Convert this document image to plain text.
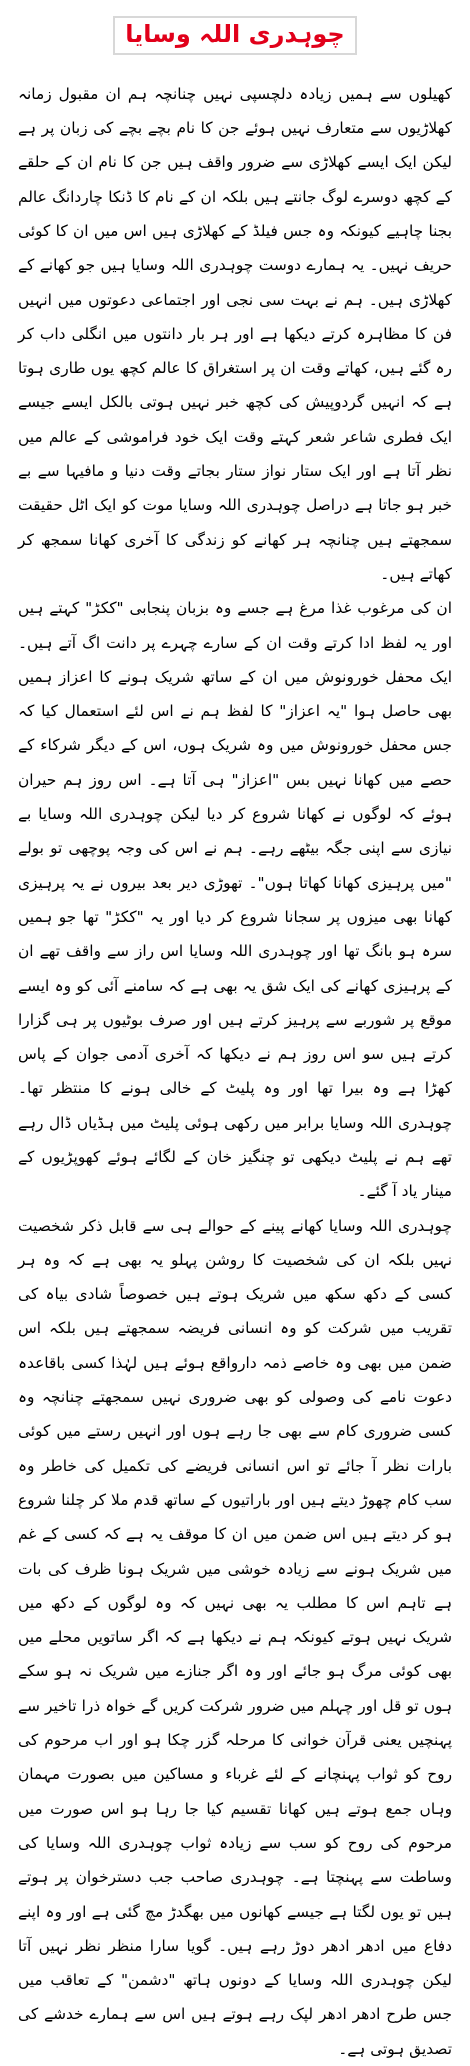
چوہدری اللہ وسایا

کھیلوں سے ہمیں زیادہ دلچسپی نہیں چنانچہ ہم ان مقبول زمانہ کھلاڑیوں سے متعارف نہیں ہوئے جن کا نام بچے بچے کی زبان پر ہے لیکن ایک ایسے کھلاڑی سے ضرور واقف ہیں جن کا نام ان کے حلقے کے کچھ دوسرے لوگ جانتے ہیں بلکہ ان کے نام کا ڈنکا چاردانگ عالم بجنا چاہیے کیونکہ وہ جس فیلڈ کے کھلاڑی ہیں اس میں ان کا کوئی حریف نہیں۔ یہ ہمارے دوست چوہدری اللہ وسایا ہیں جو کھانے کے کھلاڑی ہیں۔ ہم نے بہت سی نجی اور اجتماعی دعوتوں میں انہیں فن کا مظاہرہ کرتے دیکھا ہے اور ہر بار دانتوں میں انگلی داب کر رہ گئے ہیں، کھاتے وقت ان پر استغراق کا عالم کچھ یوں طاری ہوتا ہے کہ انہیں گردوپیش کی کچھ خبر نہیں ہوتی بالکل ایسے جیسے ایک فطری شاعر شعر کہتے وقت ایک خود فراموشی کے عالم میں نظر آتا ہے اور ایک ستار نواز ستار بجاتے وقت دنیا و مافیہا سے بے خبر ہو جاتا ہے دراصل چوہدری اللہ وسایا موت کو ایک اٹل حقیقت سمجھتے ہیں چنانچہ ہر کھانے کو زندگی کا آخری کھانا سمجھ کر کھاتے ہیں۔

ان کی مرغوب غذا مرغ ہے جسے وہ بزبان پنجابی "ککڑ" کہتے ہیں اور یہ لفظ ادا کرتے وقت ان کے سارے چہرے پر دانت اگ آتے ہیں۔ ایک محفل خورونوش میں ان کے ساتھ شریک ہونے کا اعزاز ہمیں بھی حاصل ہوا "یہ اعزاز" کا لفظ ہم نے اس لئے استعمال کیا کہ جس محفل خورونوش میں وہ شریک ہوں، اس کے دیگر شرکاء کے حصے میں کھانا نہیں بس "اعزاز" ہی آتا ہے۔ اس روز ہم حیران ہوئے کہ لوگوں نے کھانا شروع کر دیا لیکن چوہدری اللہ وسایا بے نیازی سے اپنی جگہ بیٹھے رہے۔ ہم نے اس کی وجہ پوچھی تو بولے "میں پرہیزی کھانا کھاتا ہوں"۔ تھوڑی دیر بعد بیروں نے یہ پرہیزی کھانا بھی میزوں پر سجانا شروع کر دیا اور یہ "ککڑ" تھا جو ہمیں سرہ ہو بانگ تھا اور چوہدری اللہ وسایا اس راز سے واقف تھے ان کے پرہیزی کھانے کی ایک شق یہ بھی ہے کہ سامنے آئی کو وہ ایسے موقع پر شوربے سے پرہیز کرتے ہیں اور صرف بوٹیوں پر ہی گزارا کرتے ہیں سو اس روز ہم نے دیکھا کہ آخری آدمی جوان کے پاس کھڑا ہے وہ بیرا تھا اور وہ پلیٹ کے خالی ہونے کا منتظر تھا۔ چوہدری اللہ وسایا برابر میں رکھی ہوئی پلیٹ میں ہڈیاں ڈال رہے تھے ہم نے پلیٹ دیکھی تو چنگیز خان کے لگائے ہوئے کھوپڑیوں کے مینار یاد آ گئے۔

چوہدری اللہ وسایا کھانے پینے کے حوالے ہی سے قابل ذکر شخصیت نہیں بلکہ ان کی شخصیت کا روشن پہلو یہ بھی ہے کہ وہ ہر کسی کے دکھ سکھ میں شریک ہوتے ہیں خصوصاً شادی بیاہ کی تقریب میں شرکت کو وہ انسانی فریضہ سمجھتے ہیں بلکہ اس ضمن میں بھی وہ خاصے ذمہ دارواقع ہوئے ہیں لہٰذا کسی باقاعدہ دعوت نامے کی وصولی کو بھی ضروری نہیں سمجھتے چنانچہ وہ کسی ضروری کام سے بھی جا رہے ہوں اور انہیں رستے میں کوئی بارات نظر آ جائے تو اس انسانی فریضے کی تکمیل کی خاطر وہ سب کام چھوڑ دیتے ہیں اور باراتیوں کے ساتھ قدم ملا کر چلنا شروع ہو کر دیتے ہیں اس ضمن میں ان کا موقف یہ ہے کہ کسی کے غم میں شریک ہونے سے زیادہ خوشی میں شریک ہونا ظرف کی بات ہے تاہم اس کا مطلب یہ بھی نہیں کہ وہ لوگوں کے دکھ میں شریک نہیں ہوتے کیونکہ ہم نے دیکھا ہے کہ اگر ساتویں محلے میں بھی کوئی مرگ ہو جائے اور وہ اگر جنازے میں شریک نہ ہو سکے ہوں تو قل اور چہلم میں ضرور شرکت کریں گے خواہ ذرا تاخیر سے پہنچیں یعنی قرآن خوانی کا مرحلہ گزر چکا ہو اور اب مرحوم کی روح کو ثواب پہنچانے کے لئے غرباء و مساکین میں بصورت مہمان وہاں جمع ہوتے ہیں کھانا تقسیم کیا جا رہا ہو اس صورت میں مرحوم کی روح کو سب سے زیادہ ثواب چوہدری اللہ وسایا کی وساطت سے پہنچتا ہے۔ چوہدری صاحب جب دسترخوان پر ہوتے ہیں تو یوں لگتا ہے جیسے کھانوں میں بھگدڑ مچ گئی ہے اور وہ اپنے دفاع میں ادھر ادھر دوڑ رہے ہیں۔ گویا سارا منظر نظر نہیں آتا لیکن چوہدری اللہ وسایا کے دونوں ہاتھ "دشمن" کے تعاقب میں جس طرح ادھر ادھر لپک رہے ہوتے ہیں اس سے ہمارے خدشے کی تصدیق ہوتی ہے۔
